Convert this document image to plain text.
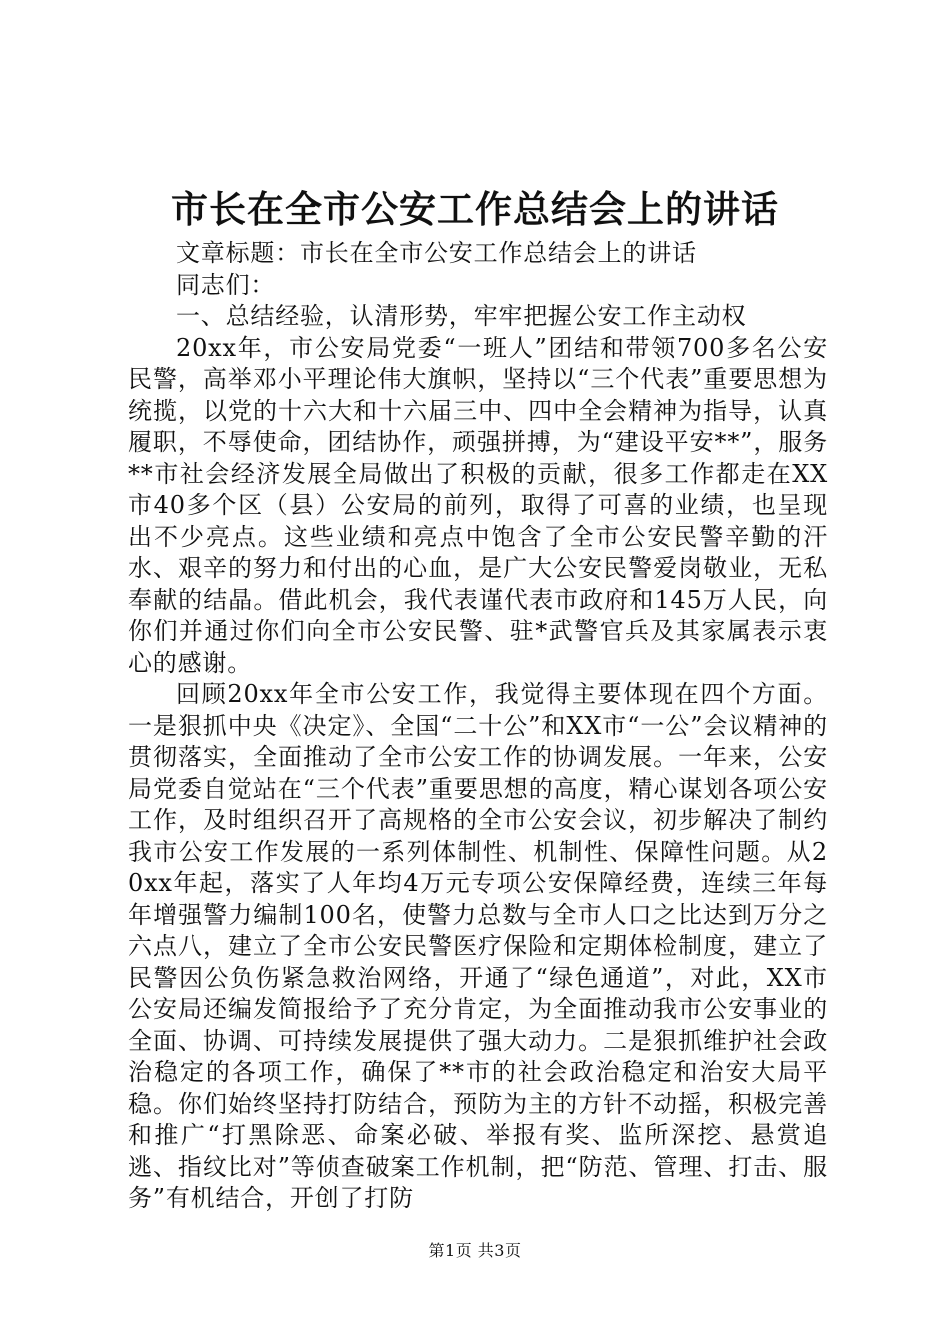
市长在全市公安工作总结会上的讲话

文章标题：市长在全市公安工作总结会上的讲话

同志们：

一、总结经验，认清形势，牢牢把握公安工作主动权

20xx年，市公安局党委“一班人”团结和带领700多名公安民警，高举邓小平理论伟大旗帜，坚持以“三个代表”重要思想为统揽，以党的十六大和十六届三中、四中全会精神为指导，认真履职，不辱使命，团结协作，顽强拼搏，为“建设平安**”，服务**市社会经济发展全局做出了积极的贡献，很多工作都走在XX市40多个区（县）公安局的前列，取得了可喜的业绩，也呈现出不少亮点。这些业绩和亮点中饱含了全市公安民警辛勤的汗水、艰辛的努力和付出的心血，是广大公安民警爱岗敬业，无私奉献的结晶。借此机会，我代表谨代表市政府和145万人民，向你们并通过你们向全市公安民警、驻*武警官兵及其家属表示衷心的感谢。

回顾20xx年全市公安工作，我觉得主要体现在四个方面。一是狠抓中央《决定》、全国“二十公”和XX市“一公”会议精神的贯彻落实，全面推动了全市公安工作的协调发展。一年来，公安局党委自觉站在“三个代表”重要思想的高度，精心谋划各项公安工作，及时组织召开了高规格的全市公安会议，初步解决了制约我市公安工作发展的一系列体制性、机制性、保障性问题。从20xx年起，落实了人年均4万元专项公安保障经费，连续三年每年增强警力编制100名，使警力总数与全市人口之比达到万分之六点八，建立了全市公安民警医疗保险和定期体检制度，建立了民警因公负伤紧急救治网络，开通了“绿色通道”，对此，XX市公安局还编发简报给予了充分肯定，为全面推动我市公安事业的全面、协调、可持续发展提供了强大动力。二是狠抓维护社会政治稳定的各项工作，确保了**市的社会政治稳定和治安大局平稳。你们始终坚持打防结合，预防为主的方针不动摇，积极完善和推广“打黑除恶、命案必破、举报有奖、监所深挖、悬赏追逃、指纹比对”等侦查破案工作机制，把“防范、管理、打击、服务”有机结合，开创了打防

第1页 共3页
